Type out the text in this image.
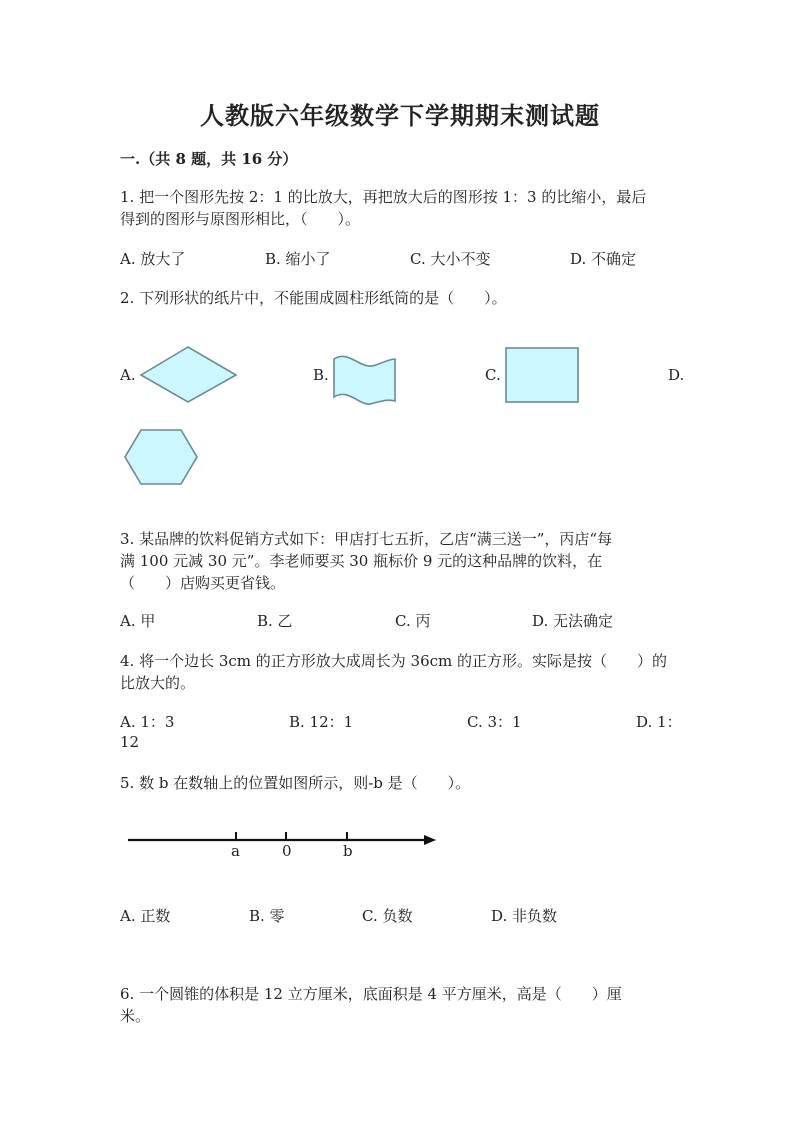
人教版六年级数学下学期期末测试题
一.（共 8 题，共 16 分）
1. 把一个图形先按 2：1 的比放大，再把放大后的图形按 1：3 的比缩小，最后
得到的图形与原图形相比，（　　）。
A. 放大了	B. 缩小了	C. 大小不变	D. 不确定
2. 下列形状的纸片中，不能围成圆柱形纸筒的是（　　）。
A.	B.	C.	D.
3. 某品牌的饮料促销方式如下：甲店打七五折，乙店“满三送一”，丙店“每
满 100 元减 30 元”。李老师要买 30 瓶标价 9 元的这种品牌的饮料，在
（　　）店购买更省钱。
A. 甲	B. 乙	C. 丙	D. 无法确定
4. 将一个边长 3cm 的正方形放大成周长为 36cm 的正方形。实际是按（　　）的
比放大的。
A. 1：3	B. 12：1	C. 3：1	D. 1：
12
5. 数 b 在数轴上的位置如图所示，则-b 是（　　）。
a	0	b
A. 正数	B. 零	C. 负数	D. 非负数
6. 一个圆锥的体积是 12 立方厘米，底面积是 4 平方厘米，高是（　　）厘
米。
